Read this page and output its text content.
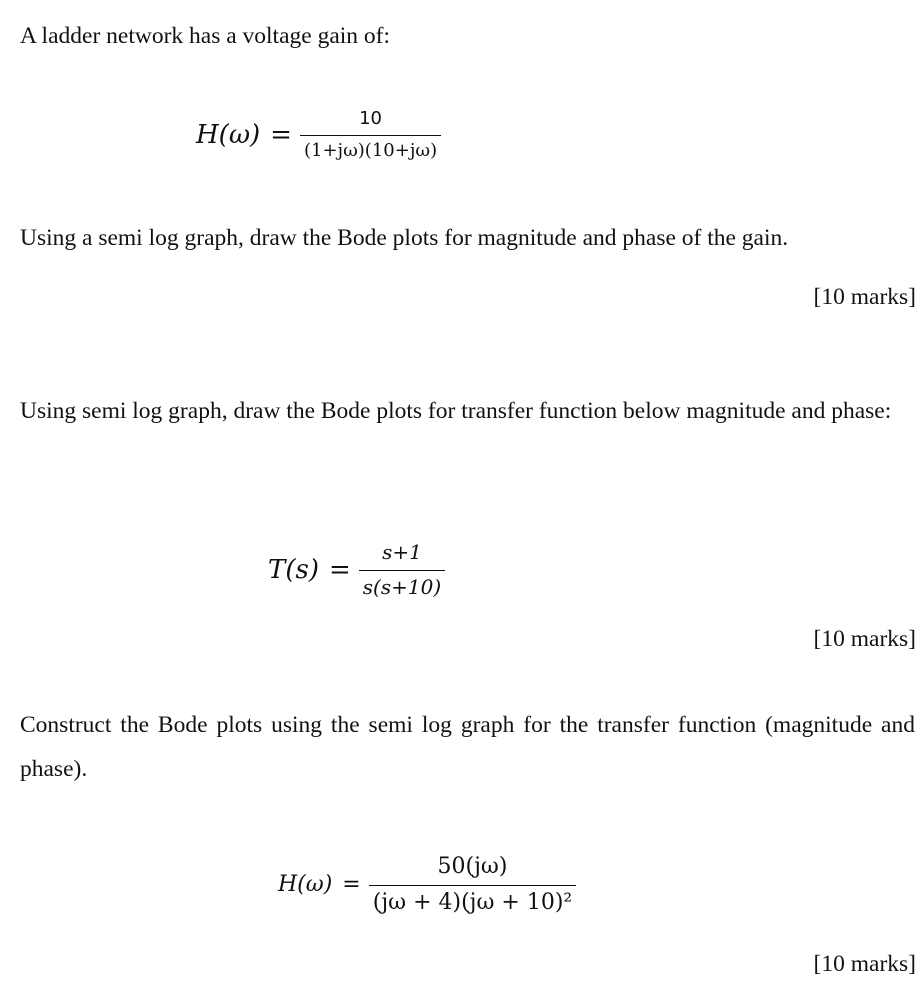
A ladder network has a voltage gain of:
$H(\omega) = \frac{10}{(1+j\omega)(10+j\omega)}$
Using a semi log graph, draw the Bode plots for magnitude and phase of the gain.
[10 marks]
Using semi log graph, draw the Bode plots for transfer function below magnitude and phase:
$T(s) = \frac{s+1}{s(s+10)}$
[10 marks]
Construct the Bode plots using the semi log graph for the transfer function (magnitude and phase).
$H(\omega) = \frac{50(j\omega)}{\text{(jω + 4)(jω + 10)²}}$
[10 marks]
